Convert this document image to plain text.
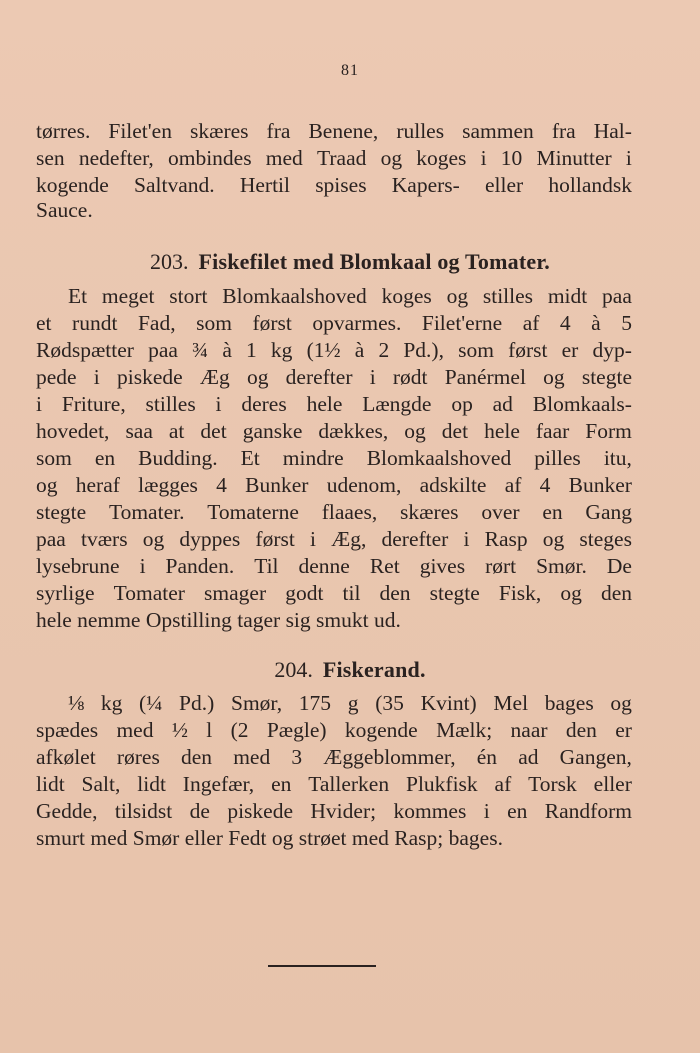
81
tørres. Filet'en skæres fra Benene, rulles sammen fra Hal-
sen nedefter, ombindes med Traad og koges i 10 Minutter i
kogende Saltvand. Hertil spises Kapers- eller hollandsk
Sauce.
203. Fiskefilet med Blomkaal og Tomater.
Et meget stort Blomkaalshoved koges og stilles midt paa
et rundt Fad, som først opvarmes. Filet'erne af 4 à 5
Rødspætter paa ¾ à 1 kg (1½ à 2 Pd.), som først er dyp-
pede i piskede Æg og derefter i rødt Panérmel og stegte
i Friture, stilles i deres hele Længde op ad Blomkaals-
hovedet, saa at det ganske dækkes, og det hele faar Form
som en Budding. Et mindre Blomkaalshoved pilles itu,
og heraf lægges 4 Bunker udenom, adskilte af 4 Bunker
stegte Tomater. Tomaterne flaaes, skæres over en Gang
paa tværs og dyppes først i Æg, derefter i Rasp og steges
lysebrune i Panden. Til denne Ret gives rørt Smør. De
syrlige Tomater smager godt til den stegte Fisk, og den
hele nemme Opstilling tager sig smukt ud.
204. Fiskerand.
⅛ kg (¼ Pd.) Smør, 175 g (35 Kvint) Mel bages og
spædes med ½ l (2 Pægle) kogende Mælk; naar den er
afkølet røres den med 3 Æggeblommer, én ad Gangen,
lidt Salt, lidt Ingefær, en Tallerken Plukfisk af Torsk eller
Gedde, tilsidst de piskede Hvider; kommes i en Randform
smurt med Smør eller Fedt og strøet med Rasp; bages.
